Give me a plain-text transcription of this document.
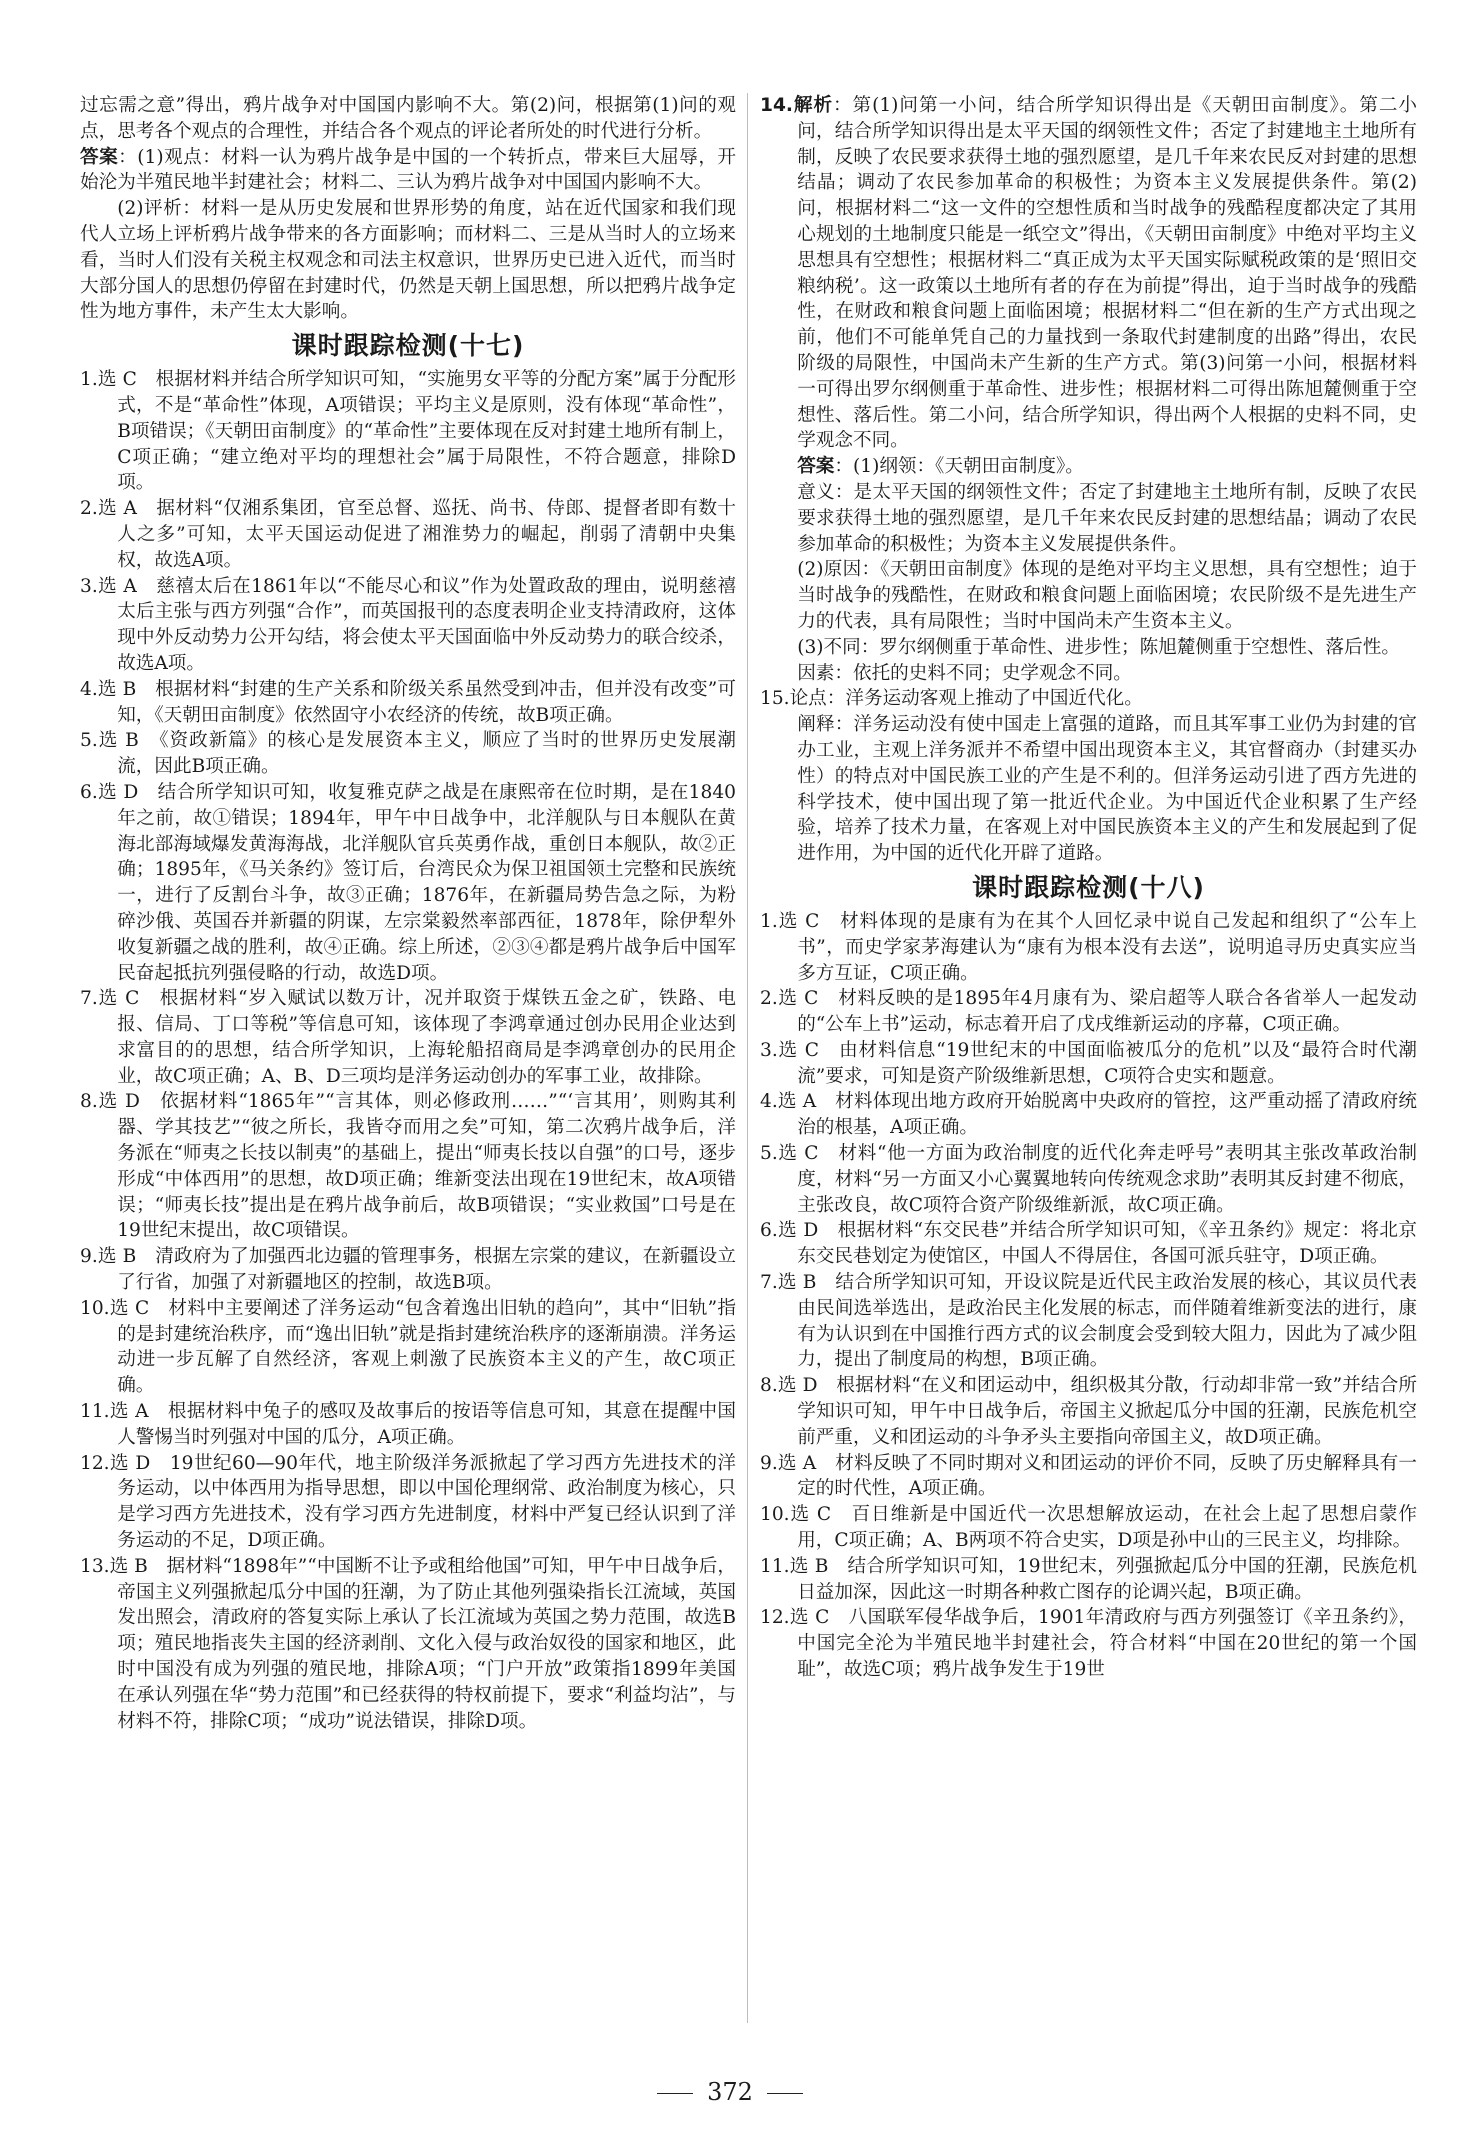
过忘需之意”得出，鸦片战争对中国国内影响不大。第(2)问，根据第(1)问的观点，思考各个观点的合理性，并结合各个观点的评论者所处的时代进行分析。

答案：(1)观点：材料一认为鸦片战争是中国的一个转折点，带来巨大屈辱，开始沦为半殖民地半封建社会；材料二、三认为鸦片战争对中国国内影响不大。

(2)评析：材料一是从历史发展和世界形势的角度，站在近代国家和我们现代人立场上评析鸦片战争带来的各方面影响；而材料二、三是从当时人的立场来看，当时人们没有关税主权观念和司法主权意识，世界历史已进入近代，而当时大部分国人的思想仍停留在封建时代，仍然是天朝上国思想，所以把鸦片战争定性为地方事件，未产生太大影响。

课时跟踪检测(十七)

1.选 C　根据材料并结合所学知识可知，“实施男女平等的分配方案”属于分配形式，不是“革命性”体现，A项错误；平均主义是原则，没有体现“革命性”，B项错误；《天朝田亩制度》的“革命性”主要体现在反对封建土地所有制上，C项正确；“建立绝对平均的理想社会”属于局限性，不符合题意，排除D项。

2.选 A　据材料“仅湘系集团，官至总督、巡抚、尚书、侍郎、提督者即有数十人之多”可知，太平天国运动促进了湘淮势力的崛起，削弱了清朝中央集权，故选A项。

3.选 A　慈禧太后在1861年以“不能尽心和议”作为处置政敌的理由，说明慈禧太后主张与西方列强“合作”，而英国报刊的态度表明企业支持清政府，这体现中外反动势力公开勾结，将会使太平天国面临中外反动势力的联合绞杀，故选A项。

4.选 B　根据材料“封建的生产关系和阶级关系虽然受到冲击，但并没有改变”可知，《天朝田亩制度》依然固守小农经济的传统，故B项正确。

5.选 B　《资政新篇》的核心是发展资本主义，顺应了当时的世界历史发展潮流，因此B项正确。

6.选 D　结合所学知识可知，收复雅克萨之战是在康熙帝在位时期，是在1840年之前，故①错误；1894年，甲午中日战争中，北洋舰队与日本舰队在黄海北部海域爆发黄海海战，北洋舰队官兵英勇作战，重创日本舰队，故②正确；1895年，《马关条约》签订后，台湾民众为保卫祖国领土完整和民族统一，进行了反割台斗争，故③正确；1876年，在新疆局势告急之际，为粉碎沙俄、英国吞并新疆的阴谋，左宗棠毅然率部西征，1878年，除伊犁外收复新疆之战的胜利，故④正确。综上所述，②③④都是鸦片战争后中国军民奋起抵抗列强侵略的行动，故选D项。

7.选 C　根据材料“岁入赋试以数万计，况并取资于煤铁五金之矿，铁路、电报、信局、丁口等税”等信息可知，该体现了李鸿章通过创办民用企业达到求富目的的思想，结合所学知识，上海轮船招商局是李鸿章创办的民用企业，故C项正确；A、B、D三项均是洋务运动创办的军事工业，故排除。

8.选 D　依据材料“1865年”“言其体，则必修政刑……”“‘言其用’，则购其利器、学其技艺”“彼之所长，我皆夺而用之矣”可知，第二次鸦片战争后，洋务派在“师夷之长技以制夷”的基础上，提出“师夷长技以自强”的口号，逐步形成“中体西用”的思想，故D项正确；维新变法出现在19世纪末，故A项错误；“师夷长技”提出是在鸦片战争前后，故B项错误；“实业救国”口号是在19世纪末提出，故C项错误。

9.选 B　清政府为了加强西北边疆的管理事务，根据左宗棠的建议，在新疆设立了行省，加强了对新疆地区的控制，故选B项。

10.选 C　材料中主要阐述了洋务运动“包含着逸出旧轨的趋向”，其中“旧轨”指的是封建统治秩序，而“逸出旧轨”就是指封建统治秩序的逐渐崩溃。洋务运动进一步瓦解了自然经济，客观上刺激了民族资本主义的产生，故C项正确。

11.选 A　根据材料中兔子的感叹及故事后的按语等信息可知，其意在提醒中国人警惕当时列强对中国的瓜分，A项正确。

12.选 D　19世纪60—90年代，地主阶级洋务派掀起了学习西方先进技术的洋务运动，以中体西用为指导思想，即以中国伦理纲常、政治制度为核心，只是学习西方先进技术，没有学习西方先进制度，材料中严复已经认识到了洋务运动的不足，D项正确。

13.选 B　据材料“1898年”“中国断不让予或租给他国”可知，甲午中日战争后，帝国主义列强掀起瓜分中国的狂潮，为了防止其他列强染指长江流域，英国发出照会，清政府的答复实际上承认了长江流域为英国之势力范围，故选B项；殖民地指丧失主国的经济剥削、文化入侵与政治奴役的国家和地区，此时中国没有成为列强的殖民地，排除A项；“门户开放”政策指1899年美国在承认列强在华“势力范围”和已经获得的特权前提下，要求“利益均沾”，与材料不符，排除C项；“成功”说法错误，排除D项。

14.解析：第(1)问第一小问，结合所学知识得出是《天朝田亩制度》。第二小问，结合所学知识得出是太平天国的纲领性文件；否定了封建地主土地所有制，反映了农民要求获得土地的强烈愿望，是几千年来农民反对封建的思想结晶；调动了农民参加革命的积极性；为资本主义发展提供条件。第(2)问，根据材料二“这一文件的空想性质和当时战争的残酷程度都决定了其用心规划的土地制度只能是一纸空文”得出，《天朝田亩制度》中绝对平均主义思想具有空想性；根据材料二“真正成为太平天国实际赋税政策的是‘照旧交粮纳税’。这一政策以土地所有者的存在为前提”得出，迫于当时战争的残酷性，在财政和粮食问题上面临困境；根据材料二“但在新的生产方式出现之前，他们不可能单凭自己的力量找到一条取代封建制度的出路”得出，农民阶级的局限性，中国尚未产生新的生产方式。第(3)问第一小问，根据材料一可得出罗尔纲侧重于革命性、进步性；根据材料二可得出陈旭麓侧重于空想性、落后性。第二小问，结合所学知识，得出两个人根据的史料不同，史学观念不同。

答案：(1)纲领：《天朝田亩制度》。

意义：是太平天国的纲领性文件；否定了封建地主土地所有制，反映了农民要求获得土地的强烈愿望，是几千年来农民反封建的思想结晶；调动了农民参加革命的积极性；为资本主义发展提供条件。

(2)原因：《天朝田亩制度》体现的是绝对平均主义思想，具有空想性；迫于当时战争的残酷性，在财政和粮食问题上面临困境；农民阶级不是先进生产力的代表，具有局限性；当时中国尚未产生资本主义。

(3)不同：罗尔纲侧重于革命性、进步性；陈旭麓侧重于空想性、落后性。

因素：依托的史料不同；史学观念不同。

15.论点：洋务运动客观上推动了中国近代化。

阐释：洋务运动没有使中国走上富强的道路，而且其军事工业仍为封建的官办工业，主观上洋务派并不希望中国出现资本主义，其官督商办（封建买办性）的特点对中国民族工业的产生是不利的。但洋务运动引进了西方先进的科学技术，使中国出现了第一批近代企业。为中国近代企业积累了生产经验，培养了技术力量，在客观上对中国民族资本主义的产生和发展起到了促进作用，为中国的近代化开辟了道路。

课时跟踪检测(十八)

1.选 C　材料体现的是康有为在其个人回忆录中说自己发起和组织了“公车上书”，而史学家茅海建认为“康有为根本没有去送”，说明追寻历史真实应当多方互证，C项正确。

2.选 C　材料反映的是1895年4月康有为、梁启超等人联合各省举人一起发动的“公车上书”运动，标志着开启了戊戌维新运动的序幕，C项正确。

3.选 C　由材料信息“19世纪末的中国面临被瓜分的危机”以及“最符合时代潮流”要求，可知是资产阶级维新思想，C项符合史实和题意。

4.选 A　材料体现出地方政府开始脱离中央政府的管控，这严重动摇了清政府统治的根基，A项正确。

5.选 C　材料“他一方面为政治制度的近代化奔走呼号”表明其主张改革政治制度，材料“另一方面又小心翼翼地转向传统观念求助”表明其反封建不彻底，主张改良，故C项符合资产阶级维新派，故C项正确。

6.选 D　根据材料“东交民巷”并结合所学知识可知，《辛丑条约》规定：将北京东交民巷划定为使馆区，中国人不得居住，各国可派兵驻守，D项正确。

7.选 B　结合所学知识可知，开设议院是近代民主政治发展的核心，其议员代表由民间选举选出，是政治民主化发展的标志，而伴随着维新变法的进行，康有为认识到在中国推行西方式的议会制度会受到较大阻力，因此为了减少阻力，提出了制度局的构想，B项正确。

8.选 D　根据材料“在义和团运动中，组织极其分散，行动却非常一致”并结合所学知识可知，甲午中日战争后，帝国主义掀起瓜分中国的狂潮，民族危机空前严重，义和团运动的斗争矛头主要指向帝国主义，故D项正确。

9.选 A　材料反映了不同时期对义和团运动的评价不同，反映了历史解释具有一定的时代性，A项正确。

10.选 C　百日维新是中国近代一次思想解放运动，在社会上起了思想启蒙作用，C项正确；A、B两项不符合史实，D项是孙中山的三民主义，均排除。

11.选 B　结合所学知识可知，19世纪末，列强掀起瓜分中国的狂潮，民族危机日益加深，因此这一时期各种救亡图存的论调兴起，B项正确。

12.选 C　八国联军侵华战争后，1901年清政府与西方列强签订《辛丑条约》，中国完全沦为半殖民地半封建社会，符合材料“中国在20世纪的第一个国耻”，故选C项；鸦片战争发生于19世

372
